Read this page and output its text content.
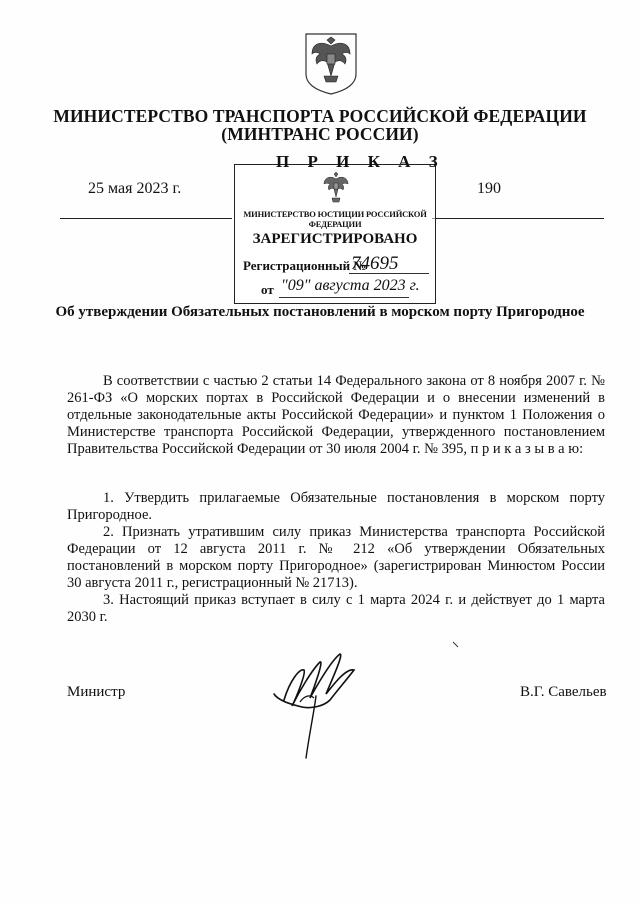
МИНИСТЕРСТВО ТРАНСПОРТА РОССИЙСКОЙ ФЕДЕРАЦИИ
(МИНТРАНС РОССИИ)
25 мая 2023 г.	190
МИНИСТЕРСТВО ЮСТИЦИИ РОССИЙСКОЙ ФЕДЕРАЦИИ
ЗАРЕГИСТРИРОВАНО
Регистрационный №
74695
от "09" августа 2023 г.
П Р И К А З
Об утверждении Обязательных постановлений в морском порту Пригородное
В соответствии с частью 2 статьи 14 Федерального закона от 8 ноября 2007 г. № 261-ФЗ «О морских портах в Российской Федерации и о внесении изменений в отдельные законодательные акты Российской Федерации» и пунктом 1 Положения о Министерстве транспорта Российской Федерации, утвержденного постановлением Правительства Российской Федерации от 30 июля 2004 г. № 395, п р и к а з ы в а ю:

1. Утвердить прилагаемые Обязательные постановления в морском порту Пригородное.

2. Признать утратившим силу приказ Министерства транспорта Российской Федерации от 12 августа 2011 г. № 212 «Об утверждении Обязательных постановлений в морском порту Пригородное» (зарегистрирован Минюстом России 30 августа 2011 г., регистрационный № 21713).

3. Настоящий приказ вступает в силу с 1 марта 2024 г. и действует до 1 марта 2030 г.

Министр	В.Г. Савельев
